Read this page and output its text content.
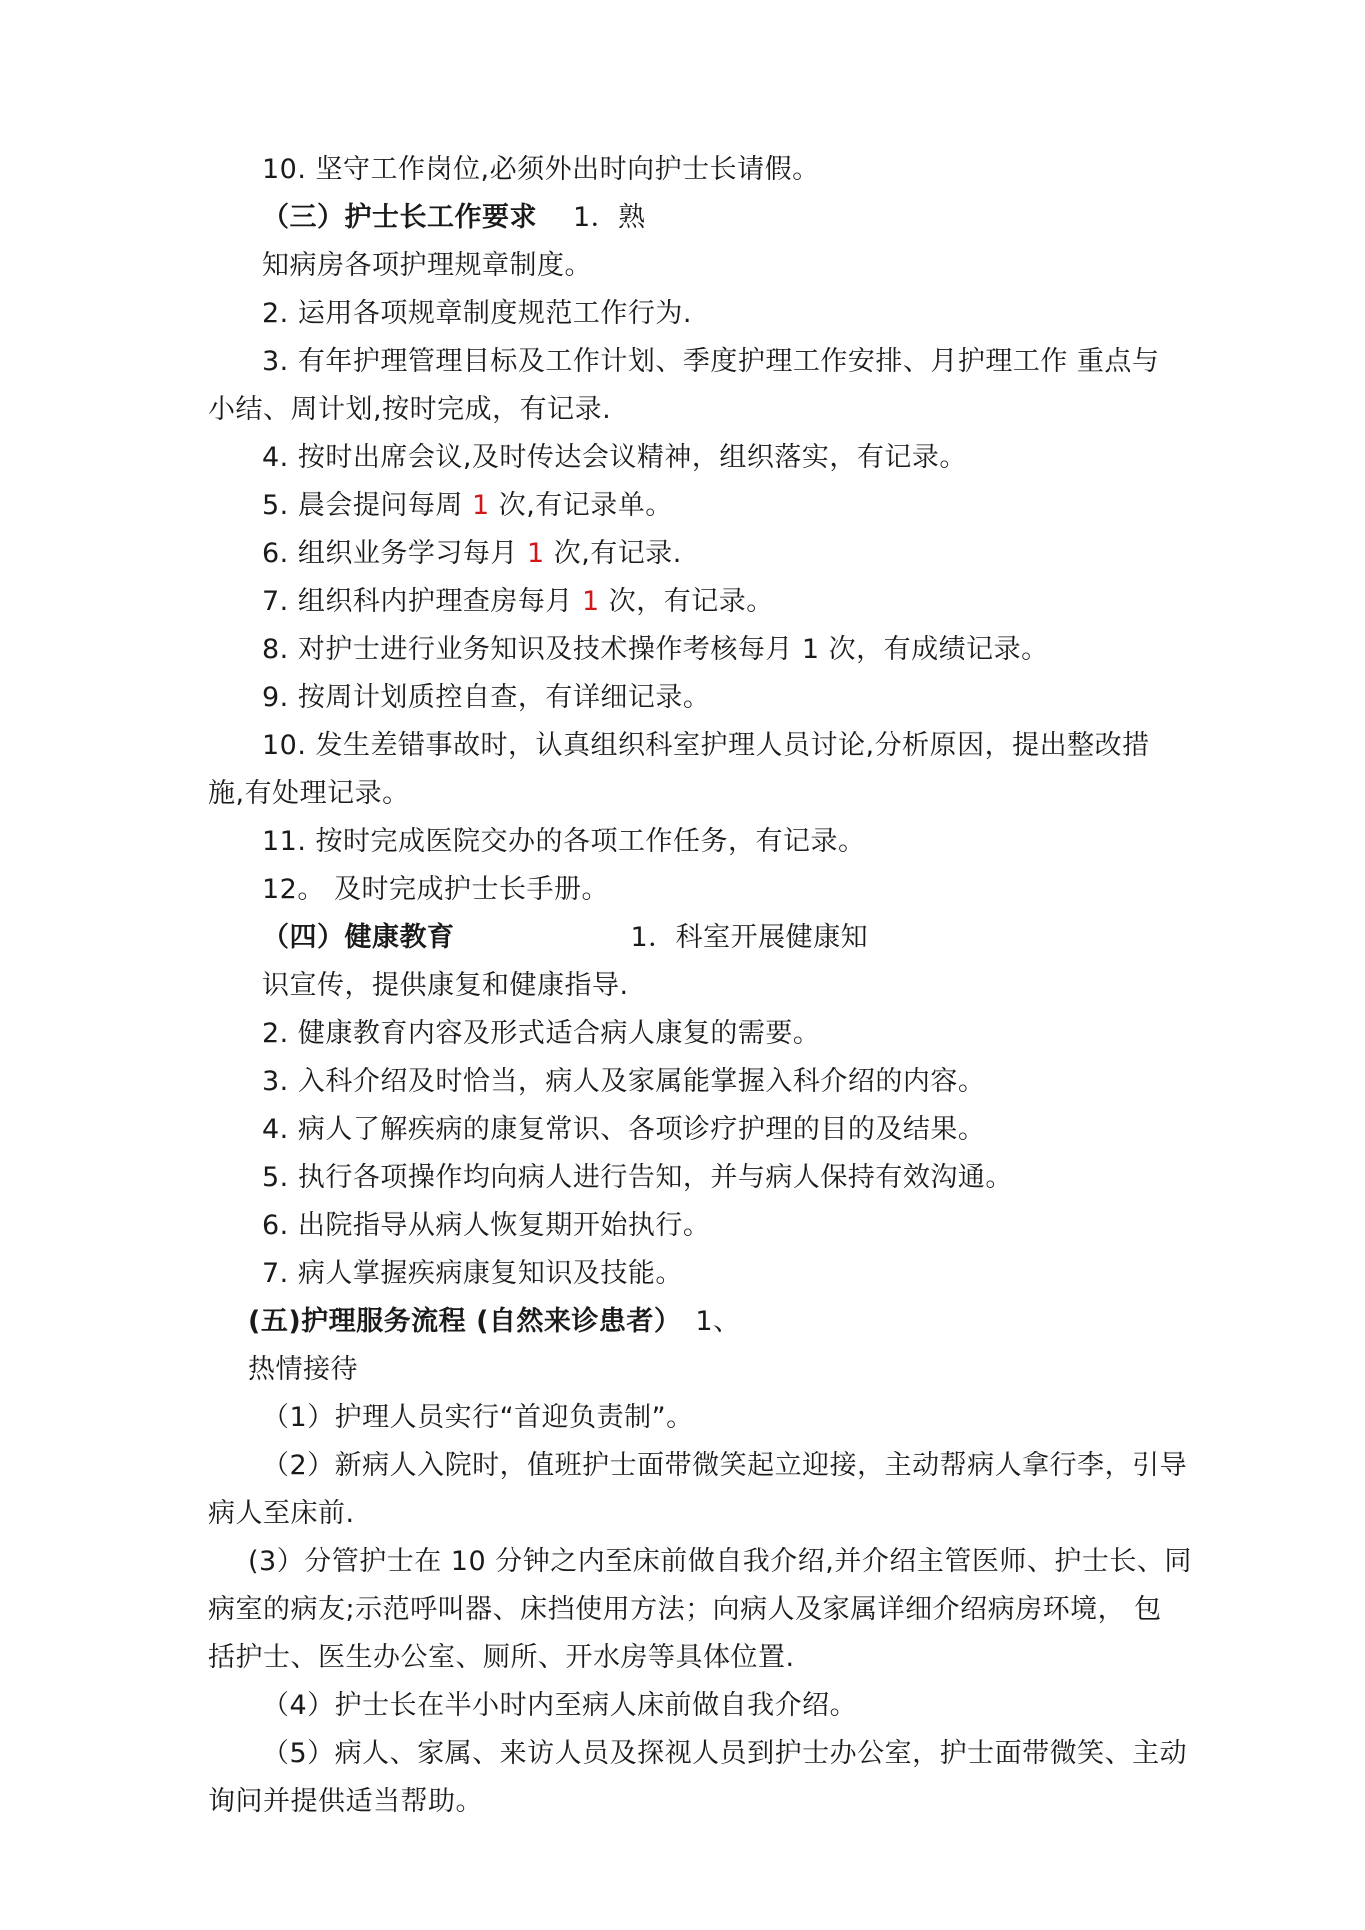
10. 坚守工作岗位,必须外出时向护士长请假。
（三）护士长工作要求 1．熟
知病房各项护理规章制度。
2. 运用各项规章制度规范工作行为.
3. 有年护理管理目标及工作计划、季度护理工作安排、月护理工作 重点与
小结、周计划,按时完成，有记录.
4. 按时出席会议,及时传达会议精神，组织落实，有记录。
5. 晨会提问每周 1 次,有记录单。
6. 组织业务学习每月 1 次,有记录.
7. 组织科内护理查房每月 1 次，有记录。
8. 对护士进行业务知识及技术操作考核每月 1 次，有成绩记录。
9. 按周计划质控自查，有详细记录。
10. 发生差错事故时，认真组织科室护理人员讨论,分析原因，提出整改措
施,有处理记录。
11. 按时完成医院交办的各项工作任务，有记录。
12。 及时完成护士长手册。
（四）健康教育	1．科室开展健康知
识宣传，提供康复和健康指导.
2. 健康教育内容及形式适合病人康复的需要。
3. 入科介绍及时恰当，病人及家属能掌握入科介绍的内容。
4. 病人了解疾病的康复常识、各项诊疗护理的目的及结果。
5. 执行各项操作均向病人进行告知，并与病人保持有效沟通。
6. 出院指导从病人恢复期开始执行。
7. 病人掌握疾病康复知识及技能。
(五)护理服务流程 (自然来诊患者） 1、
热情接待
（1）护理人员实行“首迎负责制”。
（2）新病人入院时，值班护士面带微笑起立迎接，主动帮病人拿行李，引导
病人至床前.
(3）分管护士在 10 分钟之内至床前做自我介绍,并介绍主管医师、护士长、同
病室的病友;示范呼叫器、床挡使用方法；向病人及家属详细介绍病房环境， 包
括护士、医生办公室、厕所、开水房等具体位置.
（4）护士长在半小时内至病人床前做自我介绍。
（5）病人、家属、来访人员及探视人员到护士办公室，护士面带微笑、主动
询问并提供适当帮助。
